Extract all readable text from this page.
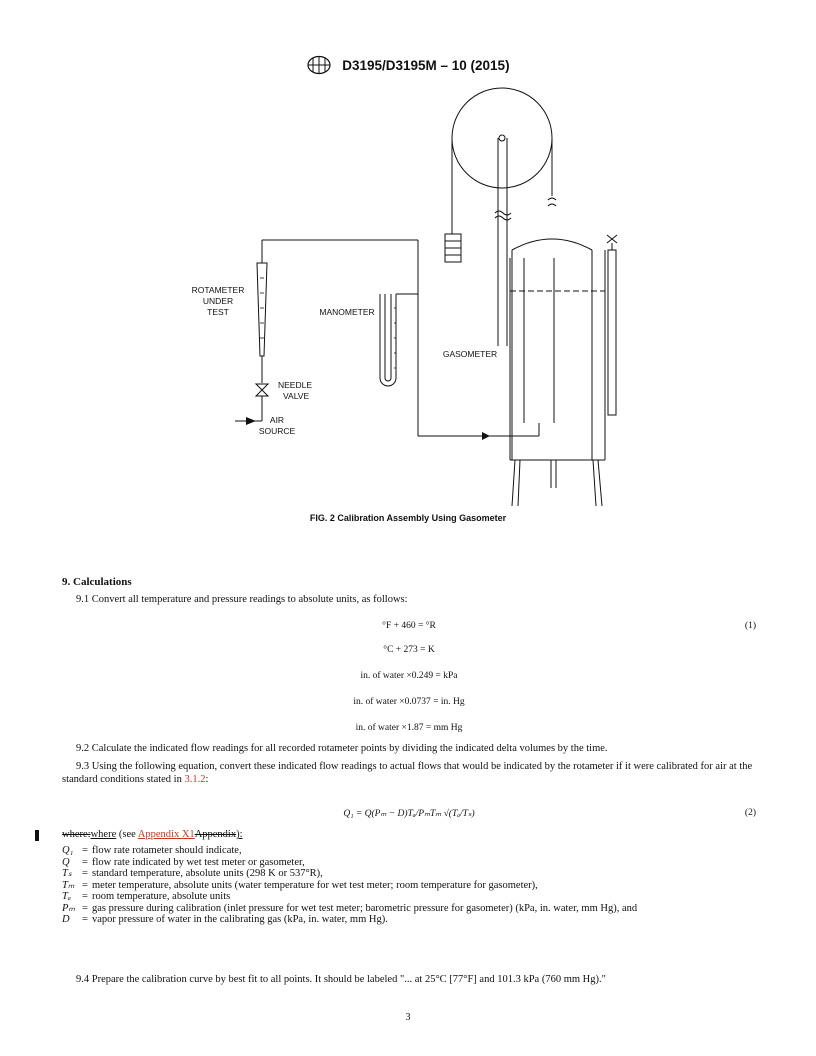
D3195/D3195M – 10 (2015)
ROTAMETER
UNDER
TEST	MANOMETER
GASOMETER
NEEDLE
VALVE
AIR
SOURCE
FIG. 2 Calibration Assembly Using Gasometer
9. Calculations
9.1 Convert all temperature and pressure readings to absolute units, as follows:
°F + 460 = °R	(1)
°C + 273 = K
in. of water ×0.249 = kPa
in. of water ×0.0737 = in. Hg
in. of water ×1.87 = mm Hg
9.2 Calculate the indicated flow readings for all recorded rotameter points by dividing the indicated delta volumes by the time.
9.3 Using the following equation, convert these indicated flow readings to actual flows that would be indicated by the rotameter if it were calibrated for air at the standard conditions stated in 3.1.2:
Q₁ = Q(Pₘ − D)Tₐ/PₘTₘ √(Tₐ/Tₛ)	(2)
where:where (see Appendix X1Appendix):
Q₁ = flow rate rotameter should indicate,
Q	= flow rate indicated by wet test meter or gasometer,
Tₛ = standard temperature, absolute units (298 K or 537°R),
Tₘ = meter temperature, absolute units (water temperature for wet test meter; room temperature for gasometer),
Tₐ	= room temperature, absolute units
Pₘ = gas pressure during calibration (inlet pressure for wet test meter; barometric pressure for gasometer) (kPa, in. water, mm Hg), and
D	= vapor pressure of water in the calibrating gas (kPa, in. water, mm Hg).
9.4 Prepare the calibration curve by best fit to all points. It should be labeled "... at 25°C [77°F] and 101.3 kPa (760 mm Hg)."
3
